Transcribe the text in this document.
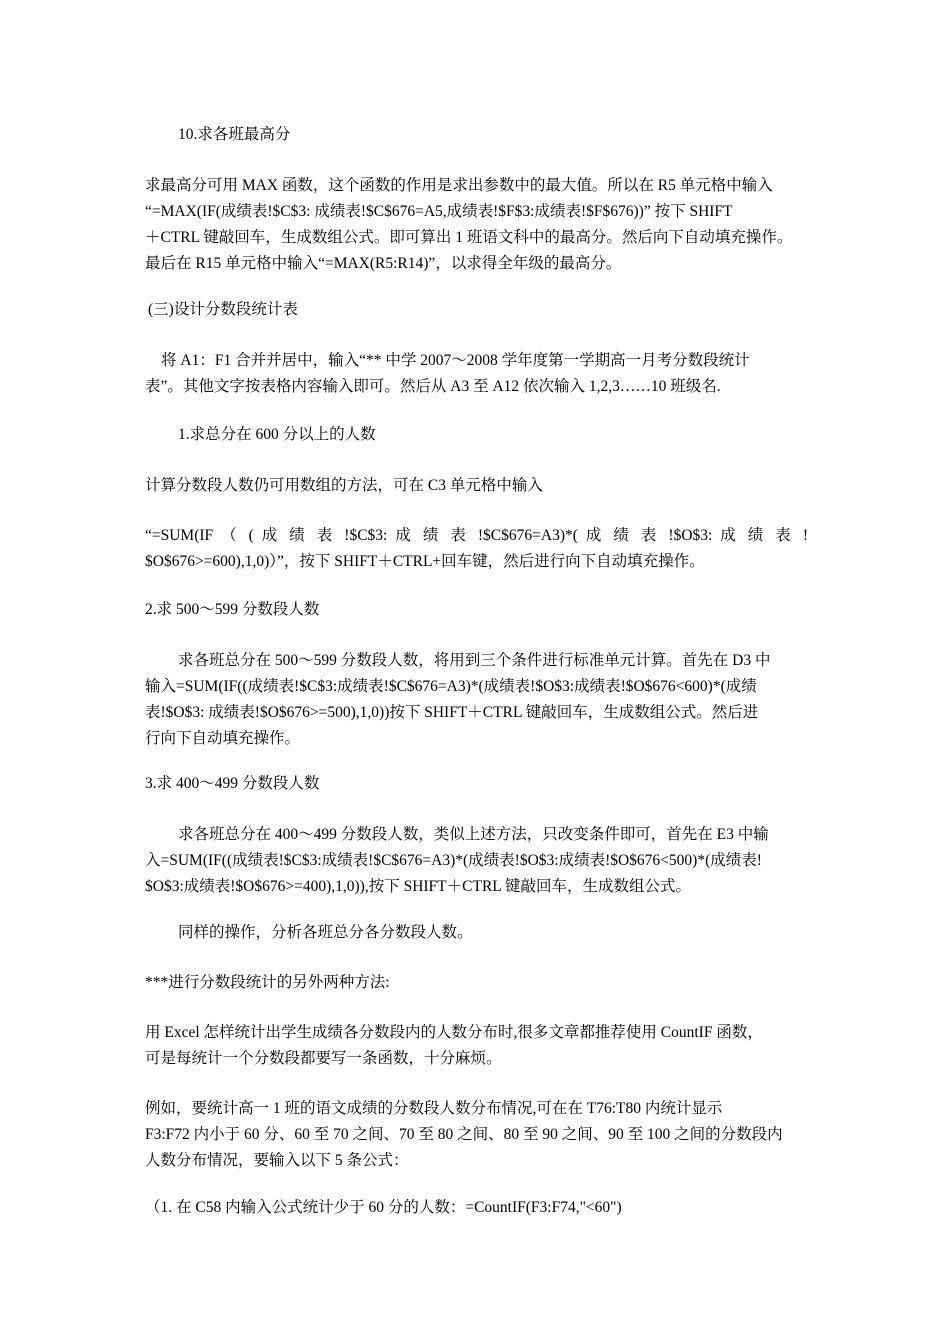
10.求各班最高分

求最高分可用 MAX 函数，这个函数的作用是求出参数中的最大值。所以在 R5 单元格中输入
“=MAX(IF(成绩表!$C$3: 成绩表!$C$676=A5,成绩表!$F$3:成绩表!$F$676))” 按下 SHIFT
＋CTRL 键敲回车，生成数组公式。即可算出 1 班语文科中的最高分。然后向下自动填充操作。
最后在 R15 单元格中输入“=MAX(R5:R14)”，以求得全年级的最高分。

(三)设计分数段统计表

将 A1：F1 合并并居中，输入“** 中学 2007～2008 学年度第一学期高一月考分数段统计
表”。其他文字按表格内容输入即可。然后从 A3 至 A12 依次输入 1,2,3……10 班级名.

1.求总分在 600 分以上的人数

计算分数段人数仍可用数组的方法，可在 C3 单元格中输入

“=SUM(IF （ ( 成 绩 表 !$C$3: 成 绩 表 !$C$676=A3)*( 成 绩 表 !$O$3: 成 绩 表 !
$O$676>=600),1,0)）”，按下 SHIFT＋CTRL+回车键，然后进行向下自动填充操作。

2.求 500～599 分数段人数

求各班总分在 500～599 分数段人数，将用到三个条件进行标准单元计算。首先在 D3 中
输入=SUM(IF((成绩表!$C$3:成绩表!$C$676=A3)*(成绩表!$O$3:成绩表!$O$676<600)*(成绩
表!$O$3: 成绩表!$O$676>=500),1,0))按下 SHIFT＋CTRL 键敲回车，生成数组公式。然后进
行向下自动填充操作。

3.求 400～499 分数段人数

求各班总分在 400～499 分数段人数，类似上述方法，只改变条件即可，首先在 E3 中输
入=SUM(IF((成绩表!$C$3:成绩表!$C$676=A3)*(成绩表!$O$3:成绩表!$O$676<500)*(成绩表!
$O$3:成绩表!$O$676>=400),1,0)),按下 SHIFT＋CTRL 键敲回车，生成数组公式。

同样的操作，分析各班总分各分数段人数。

***进行分数段统计的另外两种方法:

用 Excel 怎样统计出学生成绩各分数段内的人数分布时,很多文章都推荐使用 CountIF 函数，
可是每统计一个分数段都要写一条函数，十分麻烦。

例如，要统计高一 1 班的语文成绩的分数段人数分布情况,可在在 T76:T80 内统计显示
F3:F72 内小于 60 分、60 至 70 之间、70 至 80 之间、80 至 90 之间、90 至 100 之间的分数段内
人数分布情况，要输入以下 5 条公式：

（1. 在 C58 内输入公式统计少于 60 分的人数：=CountIF(F3:F74,"<60")
